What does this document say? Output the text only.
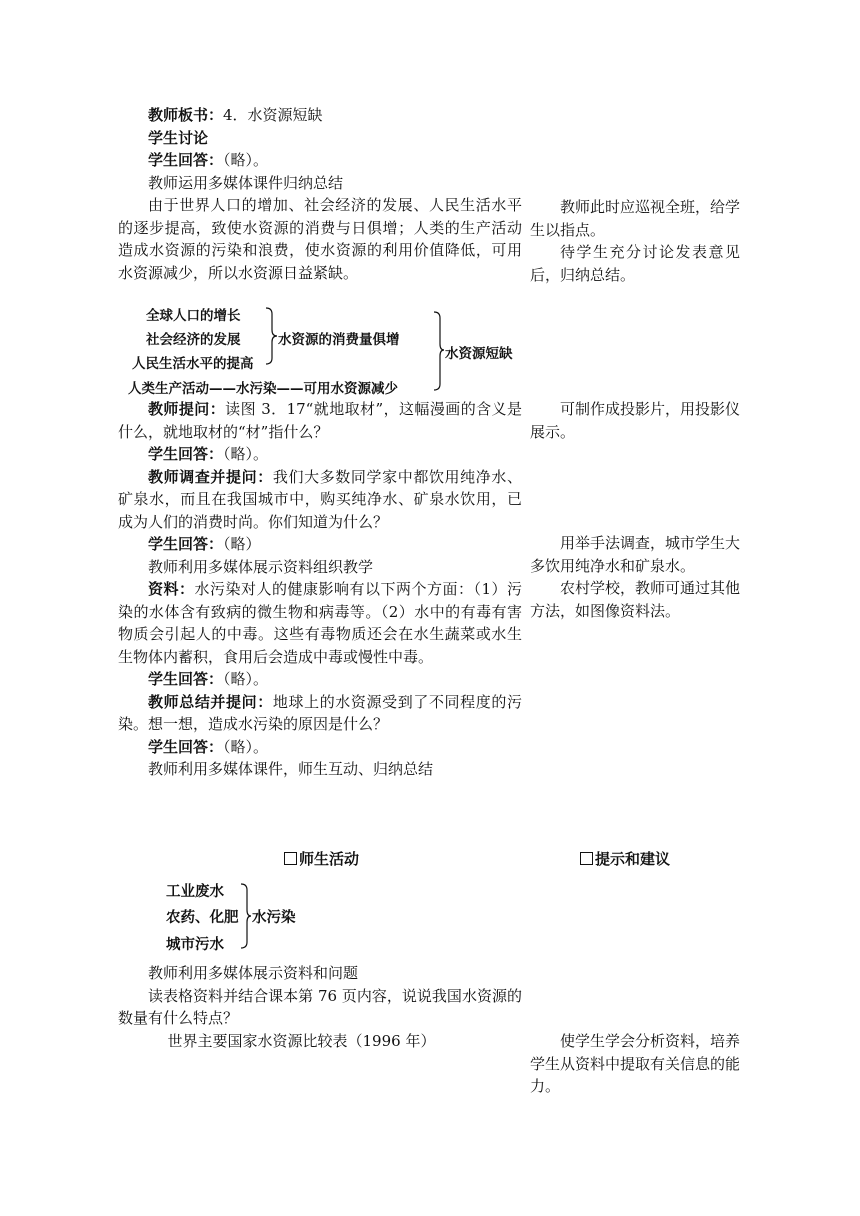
教师板书：4．水资源短缺

学生讨论

学生回答：（略）。

教师运用多媒体课件归纳总结

由于世界人口的增加、社会经济的发展、人民生活水平的逐步提高，致使水资源的消费与日俱增；人类的生产活动造成水资源的污染和浪费，使水资源的利用价值降低，可用水资源减少，所以水资源日益紧缺。

全球人口的增长
社会经济的发展
人民生活水平的提高
水资源的消费量俱增
人类生产活动——水污染——可用水资源减少
水资源短缺

教师提问：读图 3．17“就地取材”，这幅漫画的含义是什么，就地取材的“材”指什么？

学生回答：（略）。

教师调查并提问：我们大多数同学家中都饮用纯净水、矿泉水，而且在我国城市中，购买纯净水、矿泉水饮用，已成为人们的消费时尚。你们知道为什么？

学生回答：（略）

教师利用多媒体展示资料组织教学

资料：水污染对人的健康影响有以下两个方面：（1）污染的水体含有致病的微生物和病毒等。（2）水中的有毒有害物质会引起人的中毒。这些有毒物质还会在水生蔬菜或水生生物体内蓄积，食用后会造成中毒或慢性中毒。

学生回答：（略）。

教师总结并提问：地球上的水资源受到了不同程度的污染。想一想，造成水污染的原因是什么？

学生回答：（略）。

教师利用多媒体课件，师生互动、归纳总结

师生活动	提示和建议
工业废水
农药、化肥
城市污水
水污染

教师利用多媒体展示资料和问题

读表格资料并结合课本第 76 页内容，说说我国水资源的数量有什么特点？

世界主要国家水资源比较表（1996 年）

教师此时应巡视全班，给学生以指点。

待学生充分讨论发表意见后，归纳总结。

可制作成投影片，用投影仪展示。

用举手法调查，城市学生大多饮用纯净水和矿泉水。

农村学校，教师可通过其他方法，如图像资料法。

使学生学会分析资料，培养学生从资料中提取有关信息的能力。
